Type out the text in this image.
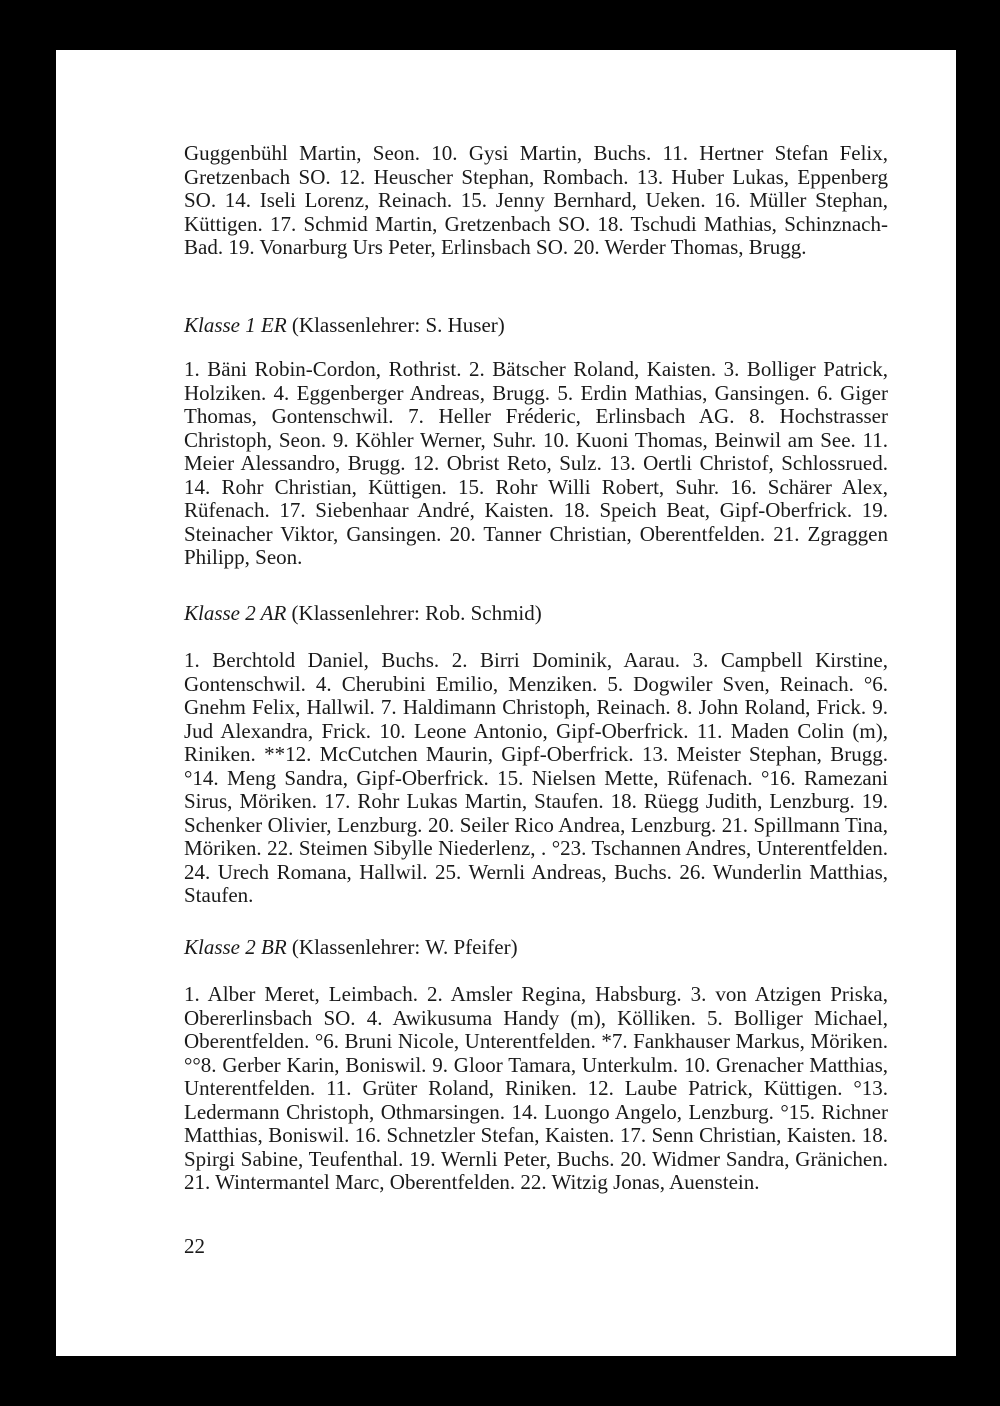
Guggenbühl Martin, Seon. 10. Gysi Martin, Buchs. 11. Hertner Stefan Felix, Gretzenbach SO. 12. Heuscher Stephan, Rombach. 13. Huber Lukas, Eppenberg SO. 14. Iseli Lorenz, Reinach. 15. Jenny Bernhard, Ueken. 16. Müller Stephan, Küttigen. 17. Schmid Martin, Gretzenbach SO. 18. Tschudi Mathias, Schinznach-Bad. 19. Vonarburg Urs Peter, Erlinsbach SO. 20. Werder Thomas, Brugg.

Klasse 1 ER (Klassenlehrer: S. Huser)

1. Bäni Robin-Cordon, Rothrist. 2. Bätscher Roland, Kaisten. 3. Bolliger Patrick, Holziken. 4. Eggenberger Andreas, Brugg. 5. Erdin Mathias, Gansingen. 6. Giger Thomas, Gontenschwil. 7. Heller Fréderic, Erlinsbach AG. 8. Hochstrasser Christoph, Seon. 9. Köhler Werner, Suhr. 10. Kuoni Thomas, Beinwil am See. 11. Meier Alessandro, Brugg. 12. Obrist Reto, Sulz. 13. Oertli Christof, Schlossrued. 14. Rohr Christian, Küttigen. 15. Rohr Willi Robert, Suhr. 16. Schärer Alex, Rüfenach. 17. Siebenhaar André, Kaisten. 18. Speich Beat, Gipf-Oberfrick. 19. Steinacher Viktor, Gansingen. 20. Tanner Christian, Oberentfelden. 21. Zgraggen Philipp, Seon.

Klasse 2 AR (Klassenlehrer: Rob. Schmid)

1. Berchtold Daniel, Buchs. 2. Birri Dominik, Aarau. 3. Campbell Kirstine, Gontenschwil. 4. Cherubini Emilio, Menziken. 5. Dogwiler Sven, Reinach. °6. Gnehm Felix, Hallwil. 7. Haldimann Christoph, Reinach. 8. John Roland, Frick. 9. Jud Alexandra, Frick. 10. Leone Antonio, Gipf-Oberfrick. 11. Maden Colin (m), Riniken. **12. McCutchen Maurin, Gipf-Oberfrick. 13. Meister Stephan, Brugg. °14. Meng Sandra, Gipf-Oberfrick. 15. Nielsen Mette, Rüfenach. °16. Ramezani Sirus, Möriken. 17. Rohr Lukas Martin, Staufen. 18. Rüegg Judith, Lenzburg. 19. Schenker Olivier, Lenzburg. 20. Seiler Rico Andrea, Lenzburg. 21. Spillmann Tina, Möriken. 22. Steimen Sibylle Niederlenz, . °23. Tschannen Andres, Unterentfelden. 24. Urech Romana, Hallwil. 25. Wernli Andreas, Buchs. 26. Wunderlin Matthias, Staufen.

Klasse 2 BR (Klassenlehrer: W. Pfeifer)

1. Alber Meret, Leimbach. 2. Amsler Regina, Habsburg. 3. von Atzigen Priska, Obererlinsbach SO. 4. Awikusuma Handy (m), Kölliken. 5. Bolliger Michael, Oberentfelden. °6. Bruni Nicole, Unterentfelden. *7. Fankhauser Markus, Möriken. °°8. Gerber Karin, Boniswil. 9. Gloor Tamara, Unterkulm. 10. Grenacher Matthias, Unterentfelden. 11. Grüter Roland, Riniken. 12. Laube Patrick, Küttigen. °13. Ledermann Christoph, Othmarsingen. 14. Luongo Angelo, Lenzburg. °15. Richner Matthias, Boniswil. 16. Schnetzler Stefan, Kaisten. 17. Senn Christian, Kaisten. 18. Spirgi Sabine, Teufenthal. 19. Wernli Peter, Buchs. 20. Widmer Sandra, Gränichen. 21. Wintermantel Marc, Oberentfelden. 22. Witzig Jonas, Auenstein.

22
